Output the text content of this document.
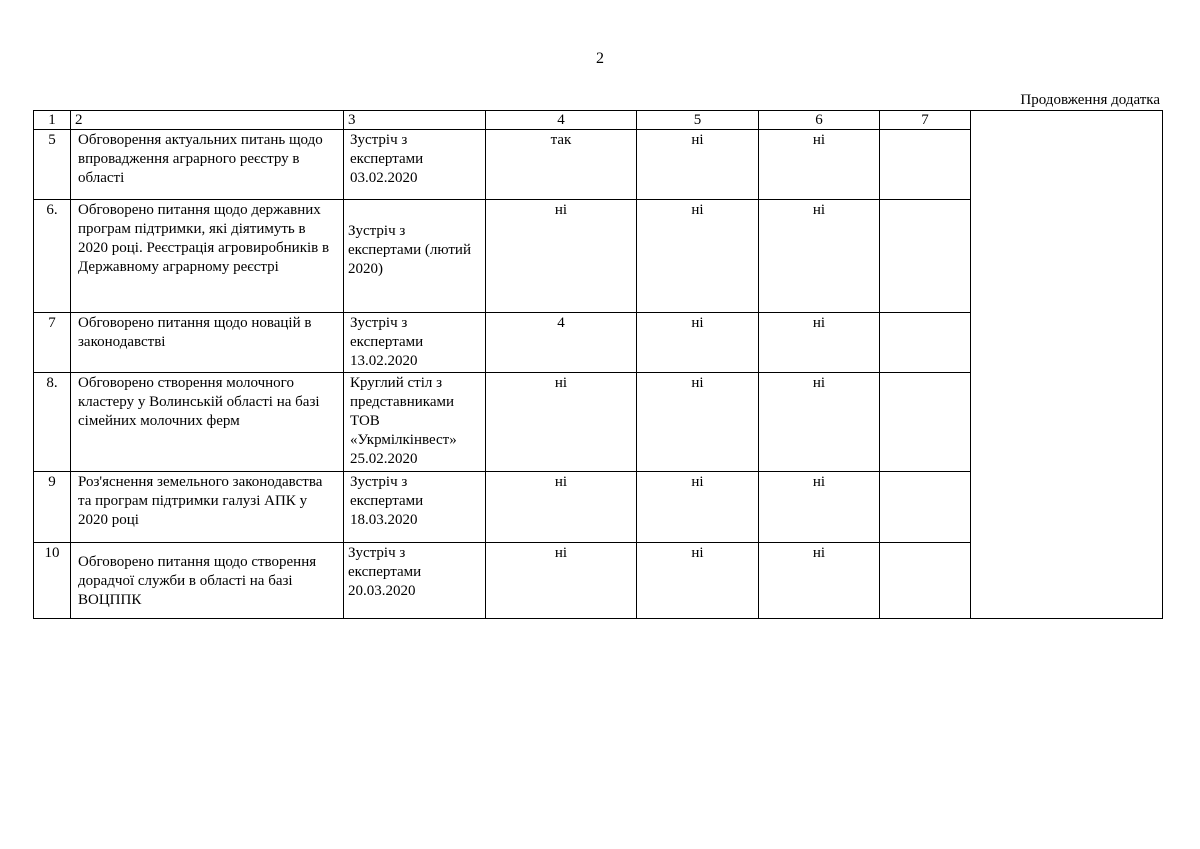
2
Продовження додатка
1	2	3	4	5	6	7	
5	Обговорення актуальних питань щодо впровадження аграрного реєстру в області	Зустріч з експертами 03.02.2020	так	ні	ні		
6.	Обговорено питання щодо державних програм підтримки, які діятимуть в 2020 році. Реєстрація агровиробників в Державному аграрному реєстрі	Зустріч з експертами (лютий 2020)	ні	ні	ні		
7	Обговорено питання щодо новацій в законодавстві	Зустріч з експертами 13.02.2020	4	ні	ні		
8.	Обговорено створення молочного кластеру у Волинській області на базі сімейних молочних ферм	Круглий стіл з представниками ТОВ «Укрмілкінвест» 25.02.2020	ні	ні	ні		
9	Роз'яснення земельного законодавства та програм підтримки галузі АПК у 2020 році	Зустріч з експертами 18.03.2020	ні	ні	ні		
10	Обговорено питання щодо створення дорадчої служби в області на базі ВОЦППК	Зустріч з експертами 20.03.2020	ні	ні	ні		
